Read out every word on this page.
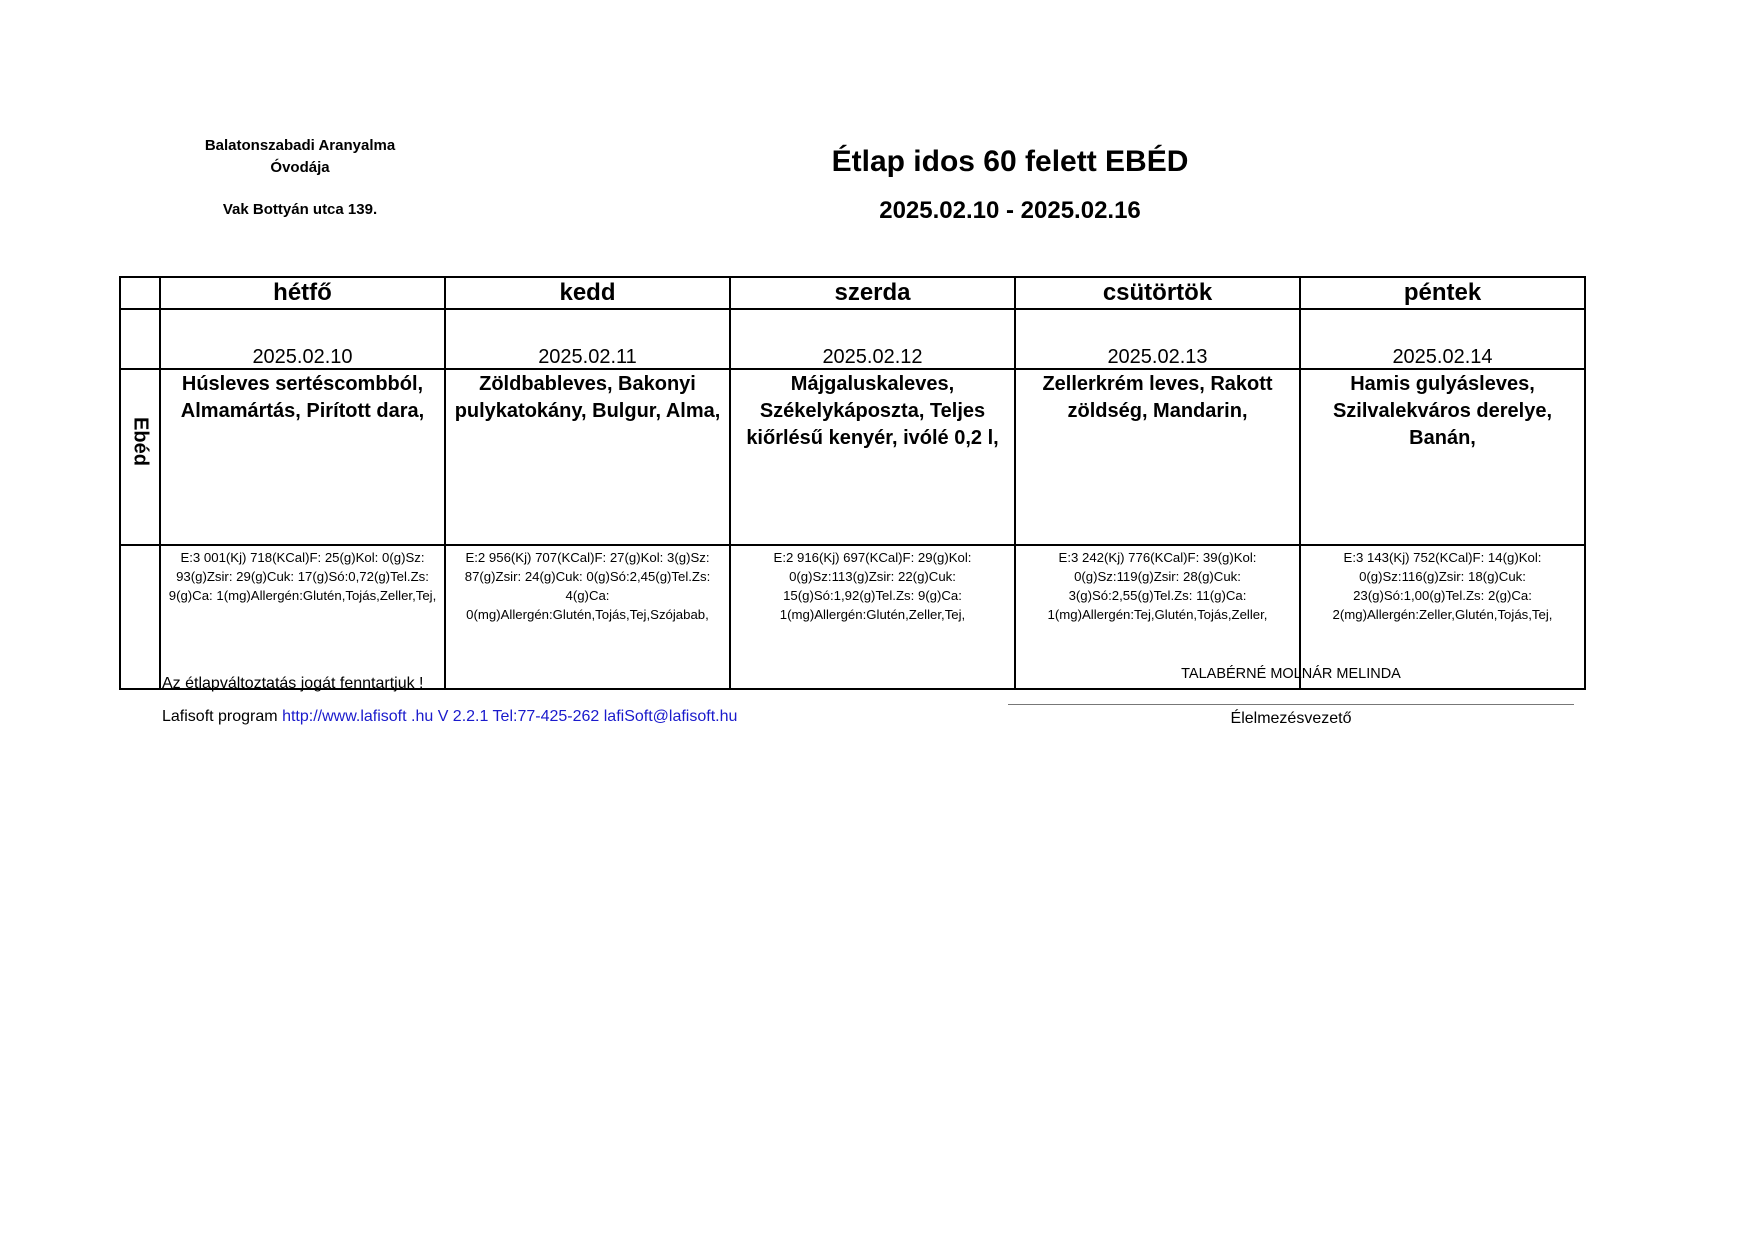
Balatonszabadi Aranyalma
Óvodája
Vak Bottyán utca 139.
Étlap idos 60 felett EBÉD
2025.02.10 - 2025.02.16
	hétfő	kedd	szerda	csütörtök	péntek
	2025.02.10	2025.02.11	2025.02.12	2025.02.13	2025.02.14

Ebéd	Húsleves sertéscombból, Almamártás, Pirított dara,	Zöldbableves, Bakonyi pulykatokány, Bulgur, Alma,	Májgaluskaleves, Székelykáposzta, Teljes kiőrlésű kenyér, ivólé 0,2 l,	Zellerkrém leves, Rakott zöldség, Mandarin,	Hamis gulyásleves, Szilvalekváros derelye, Banán,
	E:3 001(Kj) 718(KCal)F: 25(g)Kol: 0(g)Sz: 93(g)Zsir: 29(g)Cuk: 17(g)Só:0,72(g)Tel.Zs: 9(g)Ca: 1(mg)Allergén:Glutén,Tojás,Zeller,Tej,	E:2 956(Kj) 707(KCal)F: 27(g)Kol: 3(g)Sz: 87(g)Zsir: 24(g)Cuk: 0(g)Só:2,45(g)Tel.Zs: 4(g)Ca: 0(mg)Allergén:Glutén,Tojás,Tej,Szójabab,	E:2 916(Kj) 697(KCal)F: 29(g)Kol: 0(g)Sz:113(g)Zsir: 22(g)Cuk: 15(g)Só:1,92(g)Tel.Zs: 9(g)Ca: 1(mg)Allergén:Glutén,Zeller,Tej,	E:3 242(Kj) 776(KCal)F: 39(g)Kol: 0(g)Sz:119(g)Zsir: 28(g)Cuk: 3(g)Só:2,55(g)Tel.Zs: 11(g)Ca: 1(mg)Allergén:Tej,Glutén,Tojás,Zeller,	E:3 143(Kj) 752(KCal)F: 14(g)Kol: 0(g)Sz:116(g)Zsir: 18(g)Cuk: 23(g)Só:1,00(g)Tel.Zs: 2(g)Ca: 2(mg)Allergén:Zeller,Glutén,Tojás,Tej,
Az étlapváltoztatás jogát fenntartjuk !
Lafisoft program http://www.lafisoft .hu V 2.2.1 Tel:77-425-262 lafiSoft@lafisoft.hu
TALABÉRNÉ MOLNÁR MELINDA
Élelmezésvezető
